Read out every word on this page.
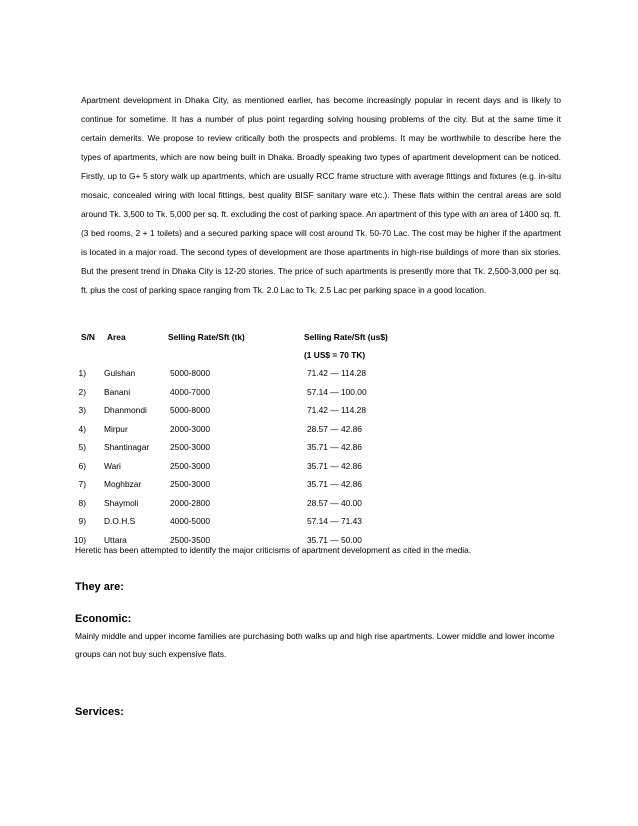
Apartment development in Dhaka City, as mentioned earlier, has become increasingly popular in recent days and is likely to continue for sometime. It has a number of plus point regarding solving housing problems of the city. But at the same time it certain demerits. We propose to review critically both the prospects and problems. It may be worthwhile to describe here the types of apartments, which are now being built in Dhaka. Broadly speaking two types of apartment development can be noticed. Firstly, up to G+ 5 story walk up apartments, which are usually RCC frame structure with average fittings and fixtures (e.g. in-situ mosaic, concealed wiring with local fittings, best quality BISF sanitary ware etc.). These flats within the central areas are sold around Tk. 3,500 to Tk. 5,000 per sq. ft. excluding the cost of parking space. An apartment of this type with an area of 1400 sq. ft. (3 bed rooms, 2 + 1 toilets) and a secured parking space will cost around Tk. 50-70 Lac. The cost may be higher if the apartment is located in a major road. The second types of development are those apartments in high-rise buildings of more than six stories. But the present trend in Dhaka City is 12-20 stories. The price of such apartments is presently more that Tk. 2,500-3,000 per sq. ft. plus the cost of parking space ranging from Tk. 2.0 Lac to Tk. 2.5 Lac per parking space in a good location.

S/N Area	Selling Rate/Sft (tk)	Selling Rate/Sft (us$)
(1 US$ = 70 TK)
1) Gulshan	5000-8000	71.42 — 114.28
2) Banani	4000-7000	57.14 — 100.00
3) Dhanmondi	5000-8000	71.42 — 114.28
4) Mirpur	2000-3000	28.57 — 42.86
5) Shantinagar 2500-3000	35.71 — 42.86
6) Wari	2500-3000	35.71 — 42.86
7) Moghbzar	2500-3000	35.71 — 42.86
8) Shaymoli	2000-2800	28.57 — 40.00
9) D.O.H.S	4000-5000	57.14 — 71.43
10) Uttara	2500-3500	35.71 — 50.00

Heretic has been attempted to identify the major criticisms of apartment development as cited in the media.

They are:

Economic:

Mainly middle and upper income families are purchasing both walks up and high rise apartments. Lower middle and lower income groups can not buy such expensive flats.

Services:
